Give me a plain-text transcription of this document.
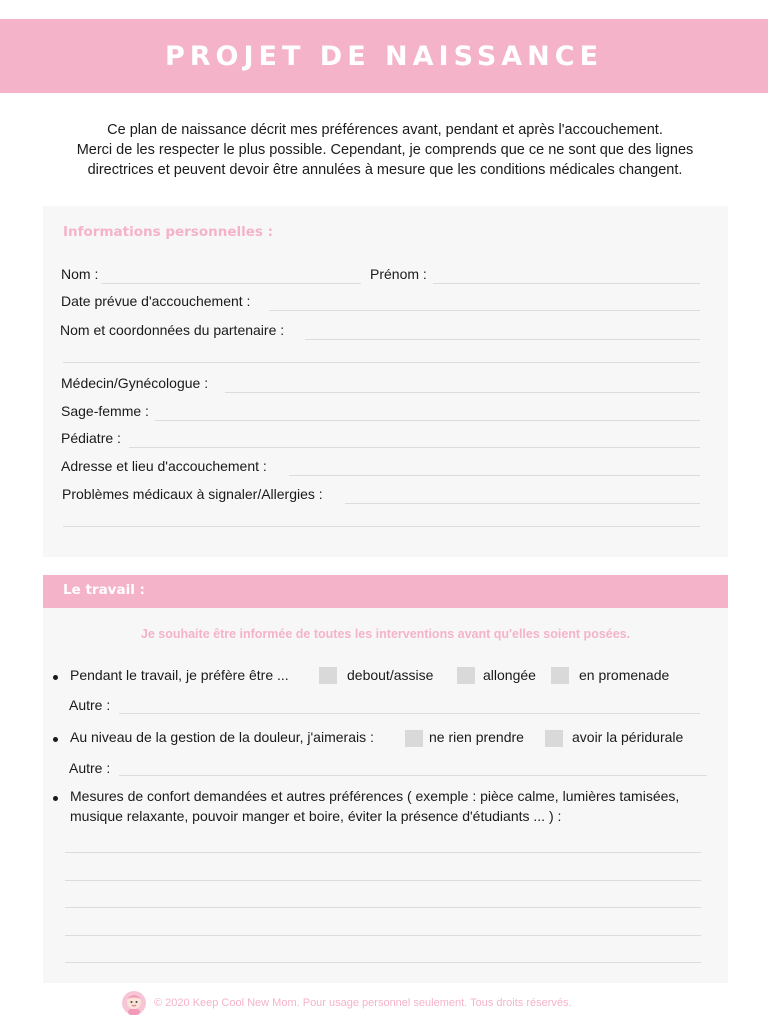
PROJET DE NAISSANCE
Ce plan de naissance décrit mes préférences avant, pendant et après l'accouchement.
Merci de les respecter le plus possible. Cependant, je comprends que ce ne sont que des lignes
directrices et peuvent devoir être annulées à mesure que les conditions médicales changent.
Informations personnelles :
Nom :	Prénom :
Date prévue d'accouchement :
Nom et coordonnées du partenaire :
Médecin/Gynécologue :
Sage-femme :
Pédiatre :
Adresse et lieu d'accouchement :
Problèmes médicaux à signaler/Allergies :
Le travail :
Je souhaite être informée de toutes les interventions avant qu'elles soient posées.
Pendant le travail, je préfère être ...	debout/assise	allongée	en promenade
Autre :
Au niveau de la gestion de la douleur, j'aimerais :	ne rien prendre	avoir la péridurale
Autre :
Mesures de confort demandées et autres préférences ( exemple : pièce calme, lumières tamisées,
musique relaxante, pouvoir manger et boire, éviter la présence d'étudiants ... ) :
© 2020 Keep Cool New Mom. Pour usage personnel seulement. Tous droits réservés.
